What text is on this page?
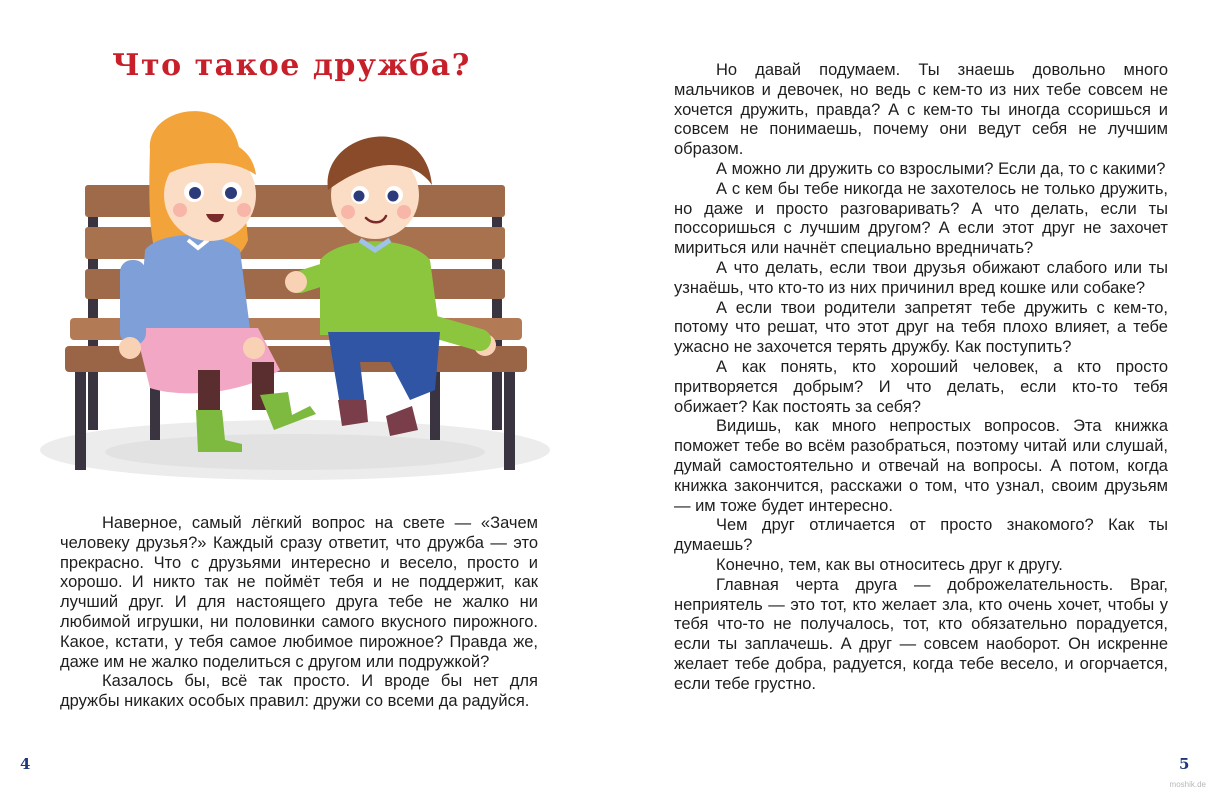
Что такое дружба?

Наверное, самый лёгкий вопрос на свете — «Зачем человеку друзья?» Каждый сразу ответит, что дружба — это прекрасно. Что с друзьями интересно и весело, просто и хорошо. И никто так не поймёт тебя и не поддержит, как лучший друг. И для настоящего друга тебе не жалко ни любимой игрушки, ни половинки самого вкусного пирожного. Какое, кстати, у тебя самое любимое пирожное? Правда же, даже им не жалко поделиться с другом или подружкой?

Казалось бы, всё так просто. И вроде бы нет для дружбы никаких особых правил: дружи со всеми да радуйся.

4

Но давай подумаем. Ты знаешь довольно много мальчиков и девочек, но ведь с кем-то из них тебе совсем не хочется дружить, правда? А с кем-то ты иногда ссоришься и совсем не понимаешь, почему они ведут себя не лучшим образом.

А можно ли дружить со взрослыми? Если да, то с какими?

А с кем бы тебе никогда не захотелось не только дружить, но даже и просто разговаривать? А что делать, если ты поссоришься с лучшим другом? А если этот друг не захочет мириться или начнёт специально вредничать?

А что делать, если твои друзья обижают слабого или ты узнаёшь, что кто-то из них причинил вред кошке или собаке?

А если твои родители запретят тебе дружить с кем-то, потому что решат, что этот друг на тебя плохо влияет, а тебе ужасно не захочется терять дружбу. Как поступить?

А как понять, кто хороший человек, а кто просто притворяется добрым? И что делать, если кто-то тебя обижает? Как постоять за себя?

Видишь, как много непростых вопросов. Эта книжка поможет тебе во всём разобраться, поэтому читай или слушай, думай самостоятельно и отвечай на вопросы. А потом, когда книжка закончится, расскажи о том, что узнал, своим друзьям — им тоже будет интересно.

Чем друг отличается от просто знакомого? Как ты думаешь?

Конечно, тем, как вы относитесь друг к другу.

Главная черта друга — доброжелательность. Враг, неприятель — это тот, кто желает зла, кто очень хочет, чтобы у тебя что-то не получалось, тот, кто обязательно порадуется, если ты заплачешь. А друг — совсем наоборот. Он искренне желает тебе добра, радуется, когда тебе весело, и огорчается, если тебе грустно.

5
moshik.de
